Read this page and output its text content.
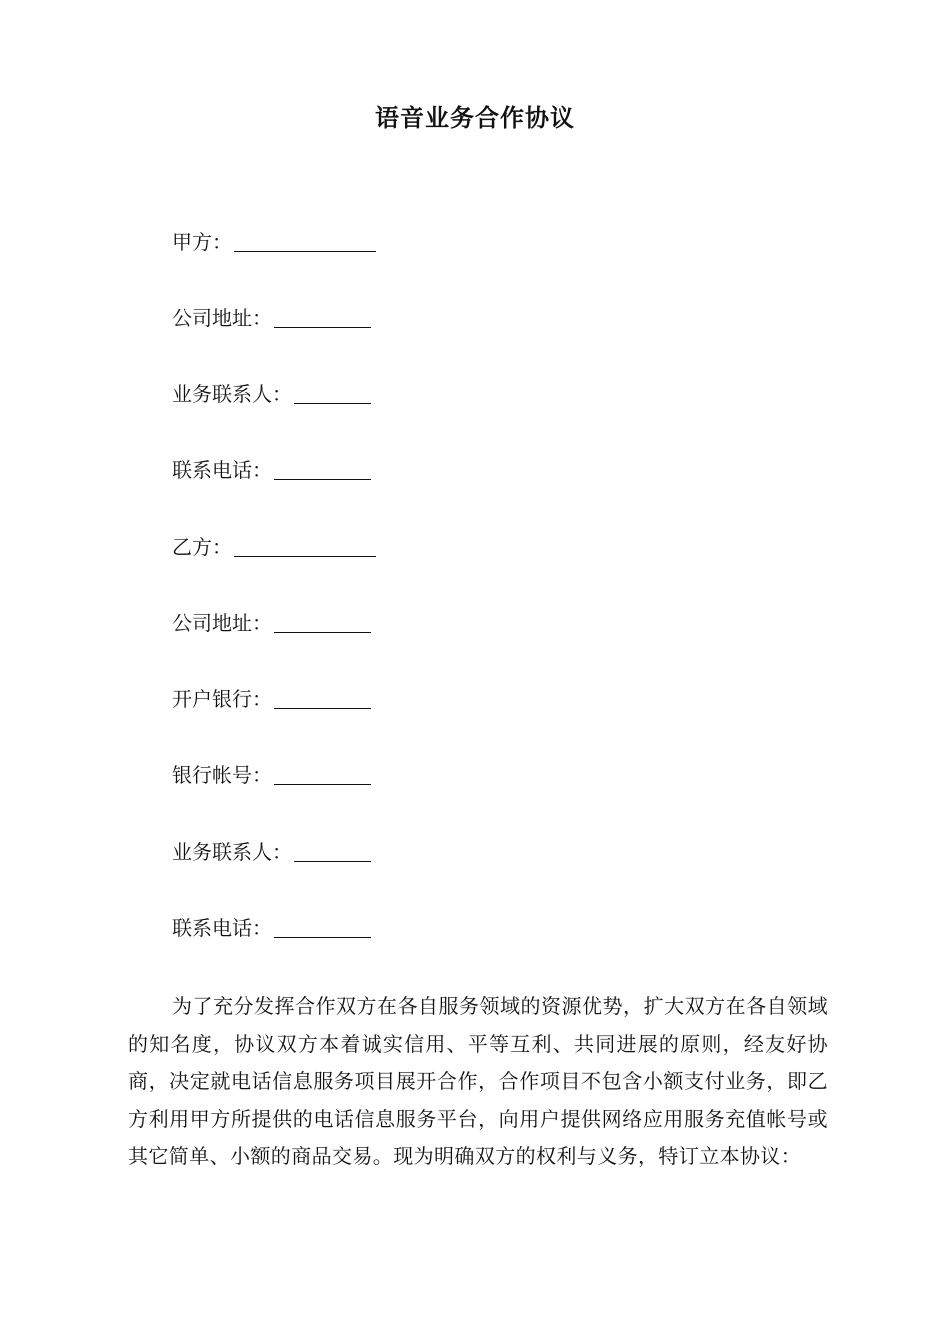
语音业务合作协议
甲方：
公司地址：
业务联系人：
联系电话：
乙方：
公司地址：
开户银行：
银行帐号：
业务联系人：
联系电话：

为了充分发挥合作双方在各自服务领域的资源优势，扩大双方在各自领域的知名度，协议双方本着诚实信用、平等互利、共同进展的原则，经友好协商，决定就电话信息服务项目展开合作，合作项目不包含小额支付业务，即乙方利用甲方所提供的电话信息服务平台，向用户提供网络应用服务充值帐号或其它简单、小额的商品交易。现为明确双方的权利与义务，特订立本协议：
